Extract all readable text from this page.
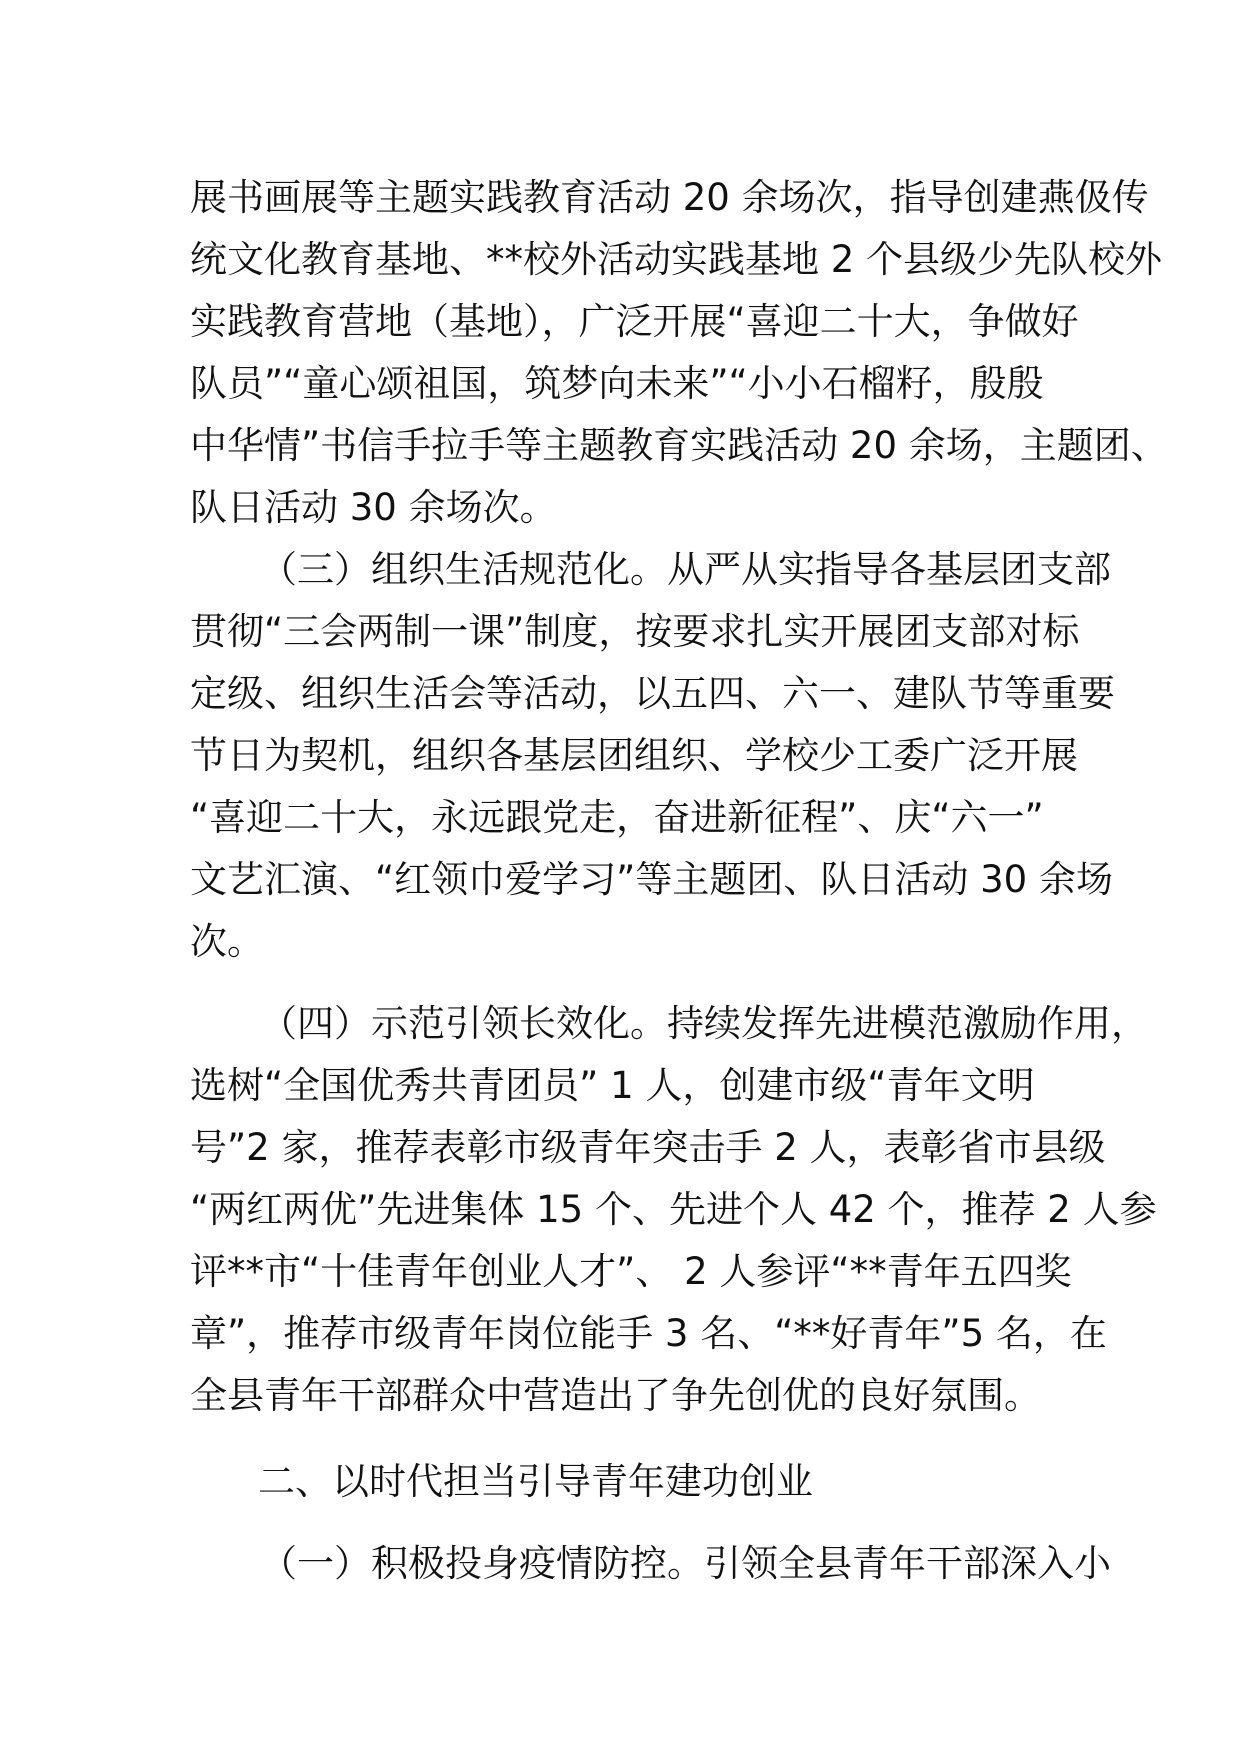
展书画展等主题实践教育活动 20 余场次，指导创建燕伋传
统文化教育基地、**校外活动实践基地 2 个县级少先队校外
实践教育营地（基地），广泛开展“喜迎二十大，争做好
队员”“童心颂祖国，筑梦向未来”“小小石榴籽，殷殷
中华情”书信手拉手等主题教育实践活动 20 余场，主题团、
队日活动 30 余场次。
（三）组织生活规范化。从严从实指导各基层团支部
贯彻“三会两制一课”制度，按要求扎实开展团支部对标
定级、组织生活会等活动，以五四、六一、建队节等重要
节日为契机，组织各基层团组织、学校少工委广泛开展
“喜迎二十大，永远跟党走，奋进新征程”、庆“六一”
文艺汇演、“红领巾爱学习”等主题团、队日活动 30 余场
次。
（四）示范引领长效化。持续发挥先进模范激励作用，
选树“全国优秀共青团员” 1 人，创建市级“青年文明
号”2 家，推荐表彰市级青年突击手 2 人，表彰省市县级
“两红两优”先进集体 15 个、先进个人 42 个，推荐 2 人参
评**市“十佳青年创业人才”、 2 人参评“**青年五四奖
章”，推荐市级青年岗位能手 3 名、“**好青年”5 名，在
全县青年干部群众中营造出了争先创优的良好氛围。
二、以时代担当引导青年建功创业
（一）积极投身疫情防控。引领全县青年干部深入小
